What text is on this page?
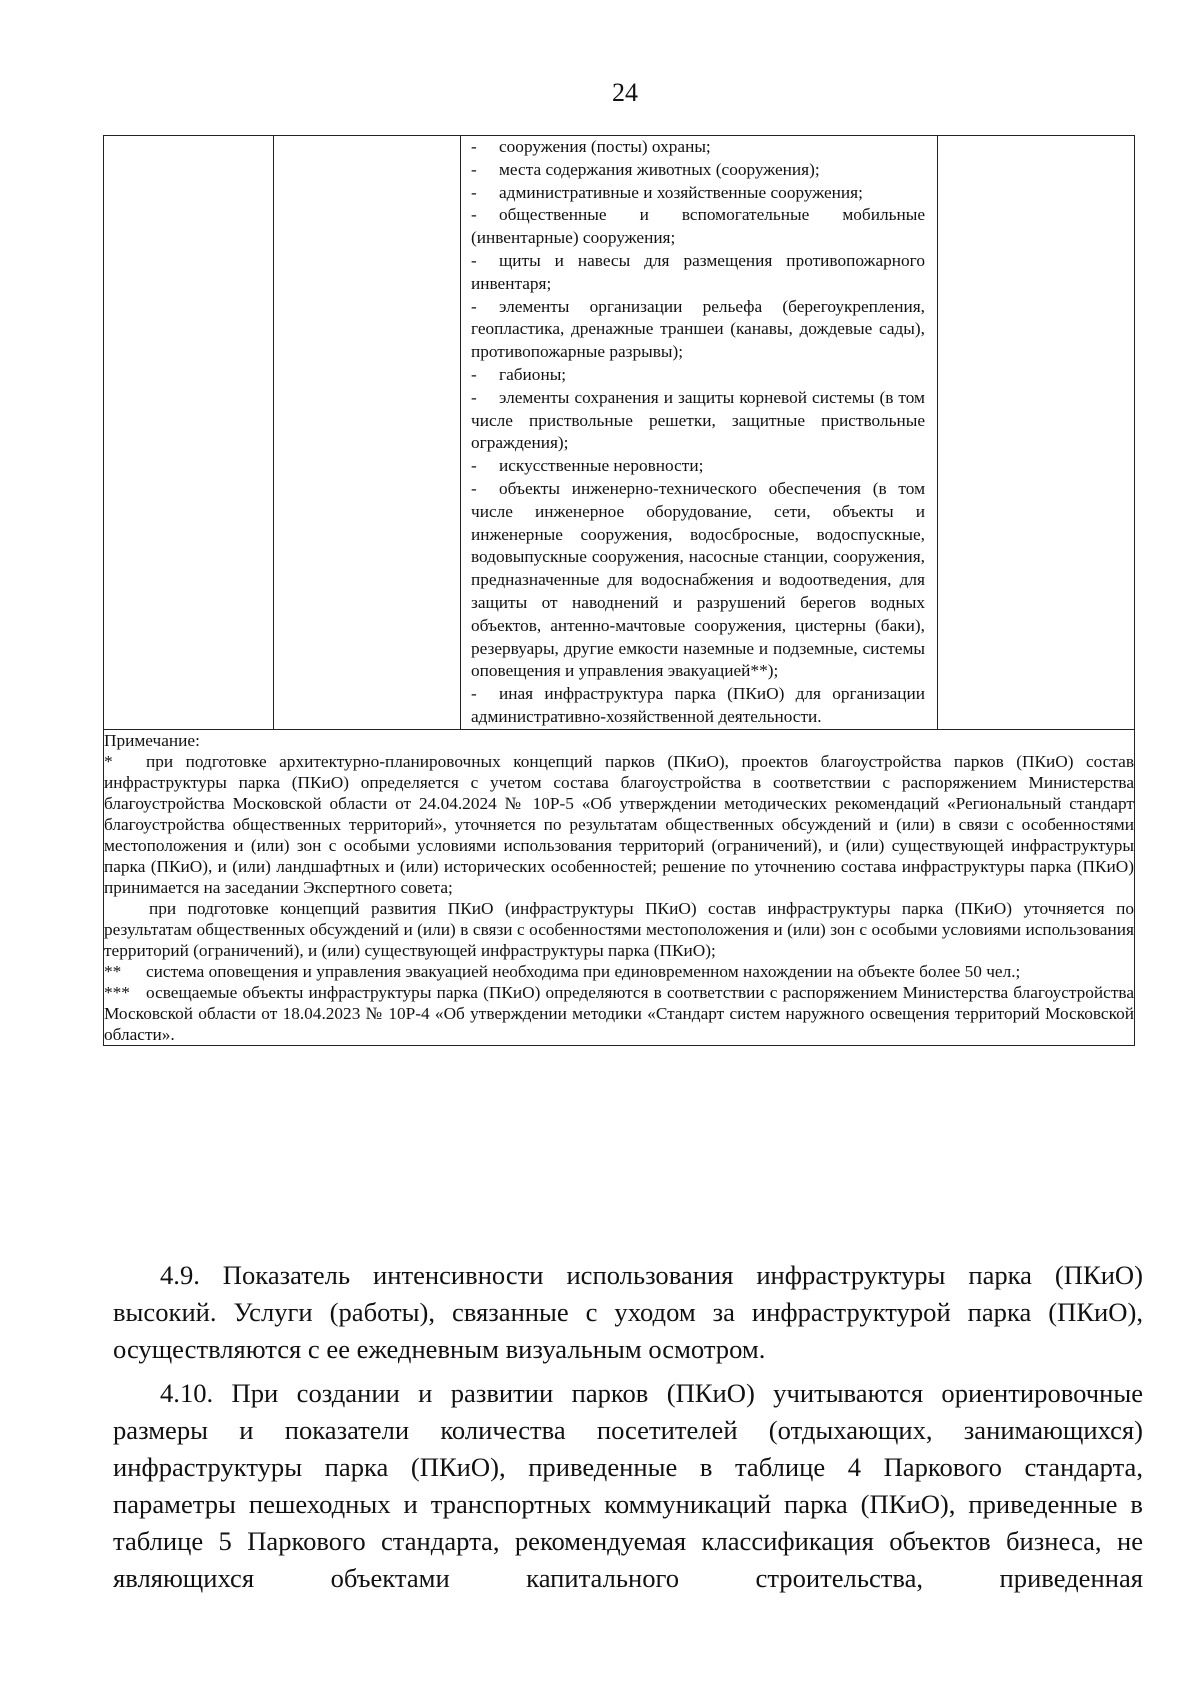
24

- сооружения (посты) охраны;

- места содержания животных (сооружения);

- административные и хозяйственные сооружения;

- общественные и вспомогательные мобильные (инвентарные) сооружения;

- щиты и навесы для размещения противопожарного инвентаря;

- элементы организации рельефа (берегоукрепления, геопластика, дренажные траншеи (канавы, дождевые сады), противопожарные разрывы);

- габионы;

- элементы сохранения и защиты корневой системы (в том числе приствольные решетки, защитные приствольные ограждения);

- искусственные неровности;

- объекты инженерно-технического обеспечения (в том числе инженерное оборудование, сети, объекты и инженерные сооружения, водосбросные, водоспускные, водовыпускные сооружения, насосные станции, сооружения, предназначенные для водоснабжения и водоотведения, для защиты от наводнений и разрушений берегов водных объектов, антенно-мачтовые сооружения, цистерны (баки), резервуары, другие емкости наземные и подземные, системы оповещения и управления эвакуацией**);

- иная инфраструктура парка (ПКиО) для организации административно-хозяйственной деятельности.

Примечание:

* при подготовке архитектурно-планировочных концепций парков (ПКиО), проектов благоустройства парков (ПКиО) состав инфраструктуры парка (ПКиО) определяется с учетом состава благоустройства в соответствии с распоряжением Министерства благоустройства Московской области от 24.04.2024 № 10Р-5 «Об утверждении методических рекомендаций «Региональный стандарт благоустройства общественных территорий», уточняется по результатам общественных обсуждений и (или) в связи с особенностями местоположения и (или) зон с особыми условиями использования территорий (ограничений), и (или) существующей инфраструктуры парка (ПКиО), и (или) ландшафтных и (или) исторических особенностей; решение по уточнению состава инфраструктуры парка (ПКиО) принимается на заседании Экспертного совета;

при подготовке концепций развития ПКиО (инфраструктуры ПКиО) состав инфраструктуры парка (ПКиО) уточняется по результатам общественных обсуждений и (или) в связи с особенностями местоположения и (или) зон с особыми условиями использования территорий (ограничений), и (или) существующей инфраструктуры парка (ПКиО);

** система оповещения и управления эвакуацией необходима при единовременном нахождении на объекте более 50 чел.;

*** освещаемые объекты инфраструктуры парка (ПКиО) определяются в соответствии с распоряжением Министерства благоустройства Московской области от 18.04.2023 № 10Р-4 «Об утверждении методики «Стандарт систем наружного освещения территорий Московской области».

4.9. Показатель интенсивности использования инфраструктуры парка (ПКиО) высокий. Услуги (работы), связанные с уходом за инфраструктурой парка (ПКиО), осуществляются с ее ежедневным визуальным осмотром.

4.10. При создании и развитии парков (ПКиО) учитываются ориентировочные размеры и показатели количества посетителей (отдыхающих, занимающихся) инфраструктуры парка (ПКиО), приведенные в таблице 4 Паркового стандарта, параметры пешеходных и транспортных коммуникаций парка (ПКиО), приведенные в таблице 5 Паркового стандарта, рекомендуемая классификация объектов бизнеса, не являющихся объектами капитального строительства, приведенная
